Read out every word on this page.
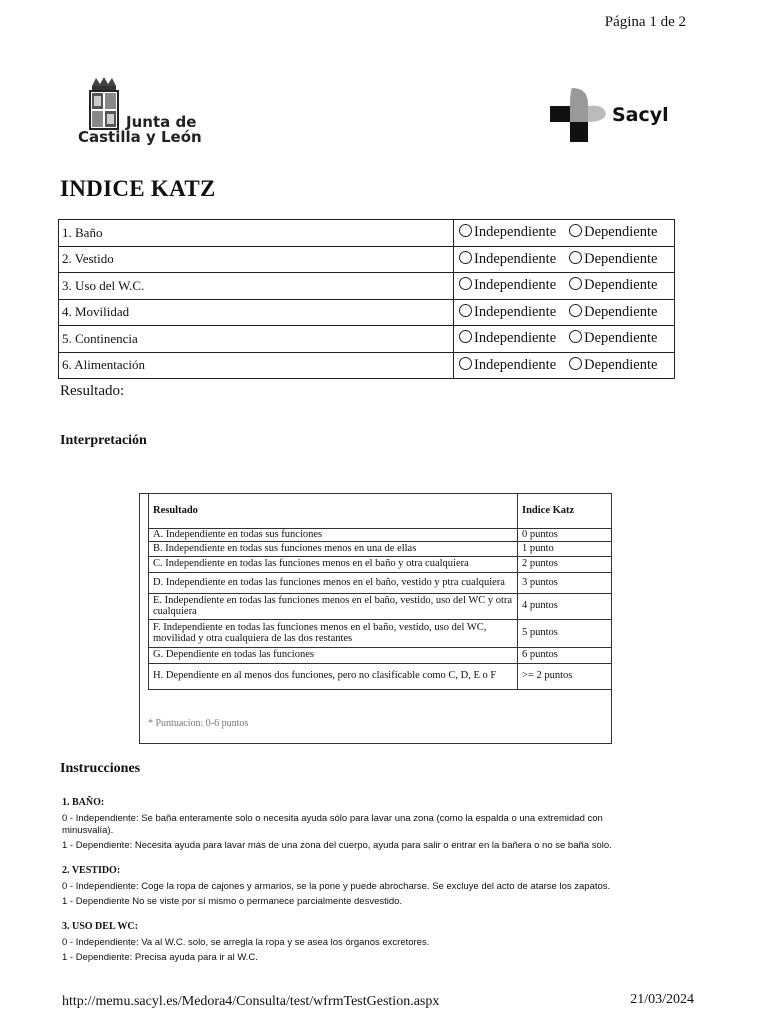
Página 1 de 2
Junta de
Castilla y León
Sacyl
INDICE KATZ
1. Baño	Independiente Dependiente
2. Vestido	Independiente Dependiente
3. Uso del W.C.	Independiente Dependiente
4. Movilidad	Independiente Dependiente
5. Continencia	Independiente Dependiente
6. Alimentación	Independiente Dependiente
Resultado:
Interpretación
Resultado	Indice Katz
A. Independiente en todas sus funciones	0 puntos
B. Independiente en todas sus funciones menos en una de ellas	1 punto
C. Independiente en todas las funciones menos en el baño y otra cualquiera	2 puntos
D. Independiente en todas las funciones menos en el baño, vestido y ptra cualquiera	3 puntos
E. Independiente en todas las funciones menos en el baño, vestido, uso del WC y otra cualquiera	4 puntos
F. Independiente en todas las funciones menos en el baño, vestido, uso del WC, movilidad y otra cualquiera de las dos restantes	5 puntos
G. Dependiente en todas las funciones	6 puntos
H. Dependiente en al menos dos funciones, pero no clasificable como C, D, E o F	>= 2 puntos
* Puntuacion: 0-6 puntos
Instrucciones
1. BAÑO:
0 - Independiente: Se baña enteramente solo o necesita ayuda sólo para lavar una zona (como la espalda o una extremidad con minusvalía).
1 - Dependiente: Necesita ayuda para lavar más de una zona del cuerpo, ayuda para salir o entrar en la bañera o no se baña solo.
2. VESTIDO:
0 - Independiente: Coge la ropa de cajones y armarios, se la pone y puede abrocharse. Se excluye del acto de atarse los zapatos.
1 - Dependiente No se viste por sí mismo o permanece parcialmente desvestido.
3. USO DEL WC:
0 - Independiente: Va al W.C. solo, se arregla la ropa y se asea los órganos excretores.
1 - Dependiente: Precisa ayuda para ir al W.C.
http://memu.sacyl.es/Medora4/Consulta/test/wfrmTestGestion.aspx	21/03/2024
